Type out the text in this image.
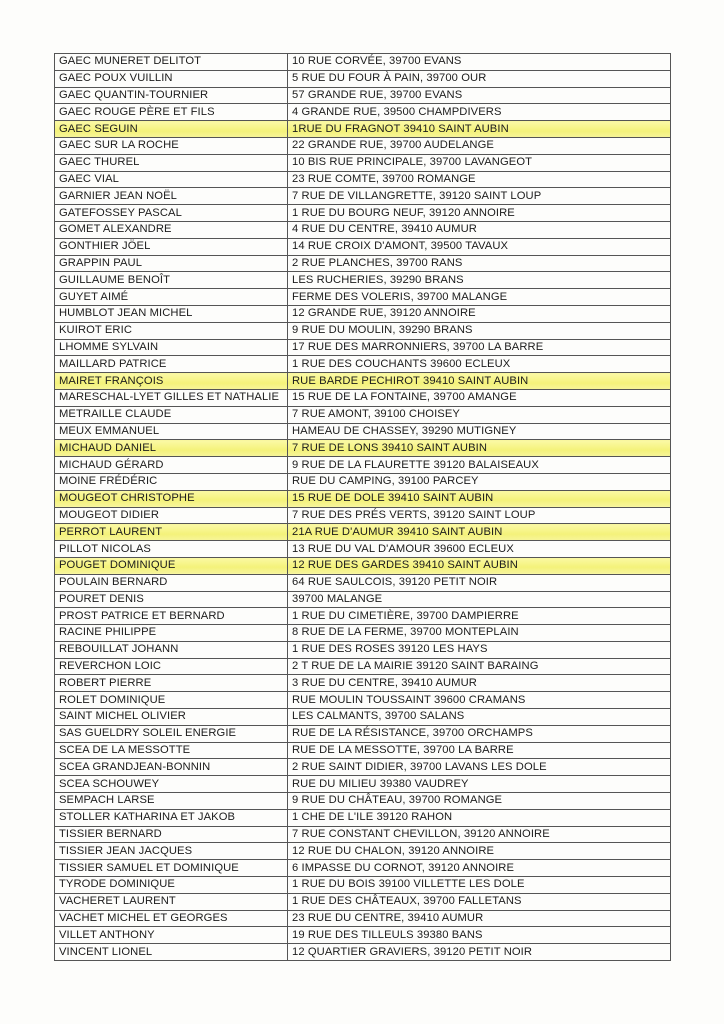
GAEC MUNERET DELITOT	10 RUE CORVÉE, 39700 EVANS
GAEC POUX VUILLIN	5 RUE DU FOUR À PAIN, 39700 OUR
GAEC QUANTIN-TOURNIER	57 GRANDE RUE, 39700 EVANS
GAEC ROUGE PÈRE ET FILS	4 GRANDE RUE, 39500 CHAMPDIVERS
GAEC SEGUIN	1RUE DU FRAGNOT 39410 SAINT AUBIN
GAEC SUR LA ROCHE	22 GRANDE RUE, 39700 AUDELANGE
GAEC THUREL	10 BIS RUE PRINCIPALE, 39700 LAVANGEOT
GAEC VIAL	23 RUE COMTE, 39700 ROMANGE
GARNIER JEAN NOËL	7 RUE DE VILLANGRETTE, 39120 SAINT LOUP
GATEFOSSEY PASCAL	1 RUE DU BOURG NEUF, 39120 ANNOIRE
GOMET ALEXANDRE	4 RUE DU CENTRE, 39410 AUMUR
GONTHIER JÖEL	14 RUE CROIX D'AMONT, 39500 TAVAUX
GRAPPIN PAUL	2 RUE PLANCHES, 39700 RANS
GUILLAUME BENOÎT	LES RUCHERIES, 39290 BRANS
GUYET AIMÉ	FERME DES VOLERIS, 39700 MALANGE
HUMBLOT JEAN MICHEL	12 GRANDE RUE, 39120 ANNOIRE
KUIROT ERIC	9 RUE DU MOULIN, 39290 BRANS
LHOMME SYLVAIN	17 RUE DES MARRONNIERS, 39700 LA BARRE
MAILLARD PATRICE	1 RUE DES COUCHANTS 39600 ECLEUX
MAIRET FRANÇOIS	RUE BARDE PECHIROT 39410 SAINT AUBIN
MARESCHAL-LYET GILLES ET NATHALIE	15 RUE DE LA FONTAINE, 39700 AMANGE
METRAILLE CLAUDE	7 RUE AMONT, 39100 CHOISEY
MEUX EMMANUEL	HAMEAU DE CHASSEY, 39290 MUTIGNEY
MICHAUD DANIEL	7 RUE DE LONS 39410 SAINT AUBIN
MICHAUD GÉRARD	9 RUE DE LA FLAURETTE 39120 BALAISEAUX
MOINE FRÉDÉRIC	RUE DU CAMPING, 39100 PARCEY
MOUGEOT CHRISTOPHE	15 RUE DE DOLE 39410 SAINT AUBIN
MOUGEOT DIDIER	7 RUE DES PRÉS VERTS, 39120 SAINT LOUP
PERROT LAURENT	21A RUE D'AUMUR 39410 SAINT AUBIN
PILLOT NICOLAS	13 RUE DU VAL D'AMOUR 39600 ECLEUX
POUGET DOMINIQUE	12 RUE DES GARDES 39410 SAINT AUBIN
POULAIN BERNARD	64 RUE SAULCOIS, 39120 PETIT NOIR
POURET DENIS	39700 MALANGE
PROST PATRICE ET BERNARD	1 RUE DU CIMETIÈRE, 39700 DAMPIERRE
RACINE PHILIPPE	8 RUE DE LA FERME, 39700 MONTEPLAIN
REBOUILLAT JOHANN	1 RUE DES ROSES 39120 LES HAYS
REVERCHON LOIC	2 T RUE DE LA MAIRIE 39120 SAINT BARAING
ROBERT PIERRE	3 RUE DU CENTRE, 39410 AUMUR
ROLET DOMINIQUE	RUE MOULIN TOUSSAINT 39600 CRAMANS
SAINT MICHEL OLIVIER	LES CALMANTS, 39700 SALANS
SAS GUELDRY SOLEIL ENERGIE	RUE DE LA RÉSISTANCE, 39700 ORCHAMPS
SCEA DE LA MESSOTTE	RUE DE LA MESSOTTE, 39700 LA BARRE
SCEA GRANDJEAN-BONNIN	2 RUE SAINT DIDIER, 39700 LAVANS LES DOLE
SCEA SCHOUWEY	RUE DU MILIEU 39380 VAUDREY
SEMPACH LARSE	9 RUE DU CHÂTEAU, 39700 ROMANGE
STOLLER KATHARINA ET JAKOB	1 CHE DE L'ILE 39120 RAHON
TISSIER BERNARD	7 RUE CONSTANT CHEVILLON, 39120 ANNOIRE
TISSIER JEAN JACQUES	12 RUE DU CHALON, 39120 ANNOIRE
TISSIER SAMUEL ET DOMINIQUE	6 IMPASSE DU CORNOT, 39120 ANNOIRE
TYRODE DOMINIQUE	1 RUE DU BOIS 39100 VILLETTE LES DOLE
VACHERET LAURENT	1 RUE DES CHÂTEAUX, 39700 FALLETANS
VACHET MICHEL ET GEORGES	23 RUE DU CENTRE, 39410 AUMUR
VILLET ANTHONY	19 RUE DES TILLEULS 39380 BANS
VINCENT LIONEL	12 QUARTIER GRAVIERS, 39120 PETIT NOIR
